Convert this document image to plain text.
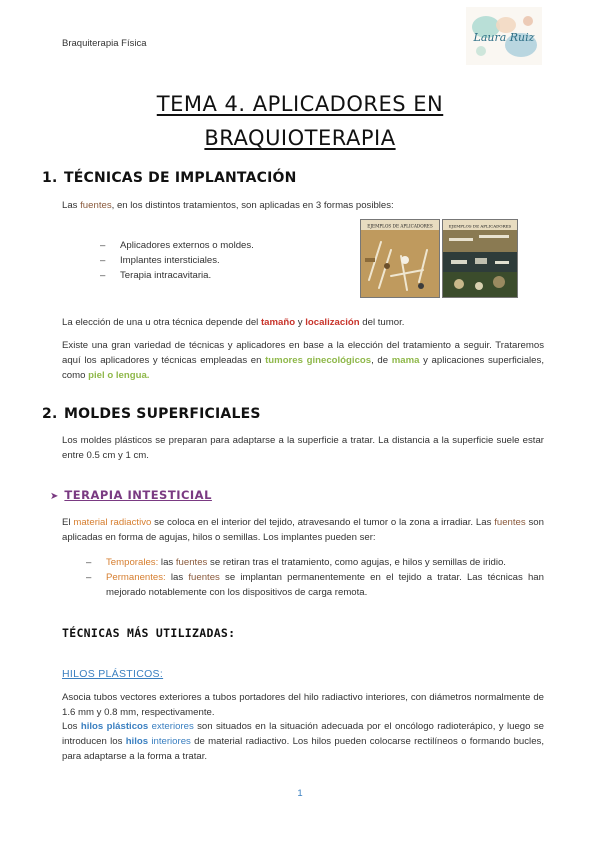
Braquiterapia Física	Laura Ruiz
TEMA 4. APLICADORES EN
BRAQUIOTERAPIA
1. TÉCNICAS DE IMPLANTACIÓN
Las fuentes, en los distintos tratamientos, son aplicadas en 3 formas posibles:
– Aplicadores externos o moldes.
– Implantes intersticiales.
– Terapia intracavitaria.
EJEMPLOS DE APLICADORES	EJEMPLOS DE APLICADORES
La elección de una u otra técnica depende del tamaño y localización del tumor.
Existe una gran variedad de técnicas y aplicadores en base a la elección del tratamiento a seguir. Trataremos aquí los aplicadores y técnicas empleadas en tumores ginecológicos, de mama y aplicaciones superficiales, como piel o lengua.
2. MOLDES SUPERFICIALES
Los moldes plásticos se preparan para adaptarse a la superficie a tratar. La distancia a la superficie suele estar entre 0.5 cm y 1 cm.
➤ TERAPIA INTESTICIAL
El material radiactivo se coloca en el interior del tejido, atravesando el tumor o la zona a irradiar. Las fuentes son aplicadas en forma de agujas, hilos o semillas. Los implantes pueden ser:
– Temporales: las fuentes se retiran tras el tratamiento, como agujas, e hilos y semillas de iridio.
– Permanentes: las fuentes se implantan permanentemente en el tejido a tratar. Las técnicas han mejorado notablemente con los dispositivos de carga remota.
TÉCNICAS MÁS UTILIZADAS:
HILOS PLÁSTICOS:
Asocia tubos vectores exteriores a tubos portadores del hilo radiactivo interiores, con diámetros normalmente de 1.6 mm y 0.8 mm, respectivamente.
Los hilos plásticos exteriores son situados en la situación adecuada por el oncólogo radioterápico, y luego se introducen los hilos interiores de material radiactivo. Los hilos pueden colocarse rectilíneos o formando bucles, para adaptarse a la forma a tratar.
1
